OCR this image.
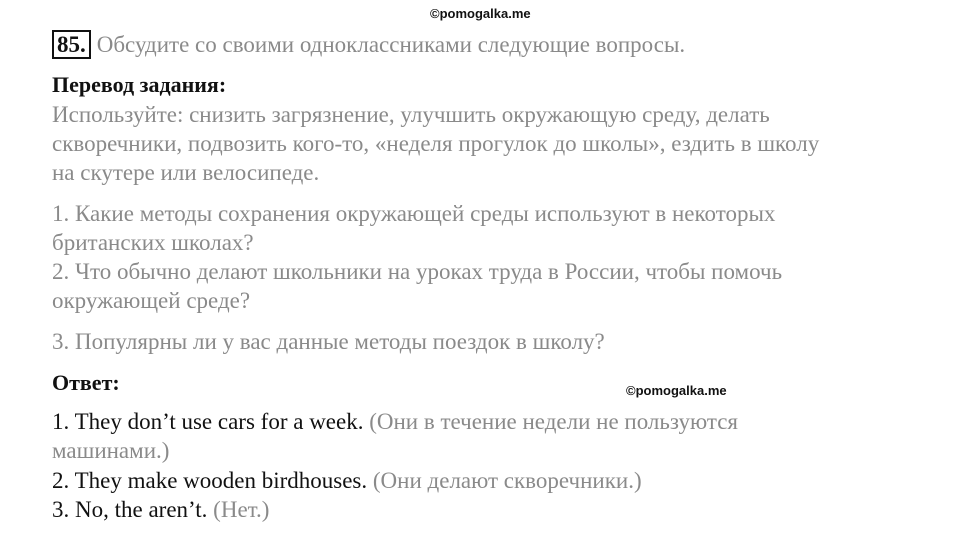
©pomogalka.me
85. Обсудите со своими одноклассниками следующие вопросы.
Перевод задания:
Используйте: снизить загрязнение, улучшить окружающую среду, делать
скворечники, подвозить кого-то, «неделя прогулок до школы», ездить в школу
на скутере или велосипеде.
1. Какие методы сохранения окружающей среды используют в некоторых
британских школах?
2. Что обычно делают школьники на уроках труда в России, чтобы помочь
окружающей среде?
3. Популярны ли у вас данные методы поездок в школу?
Ответ:	©pomogalka.me
1. They don’t use cars for a week. (Они в течение недели не пользуются
машинами.)
2. They make wooden birdhouses. (Они делают скворечники.)
3. No, the aren’t. (Нет.)
